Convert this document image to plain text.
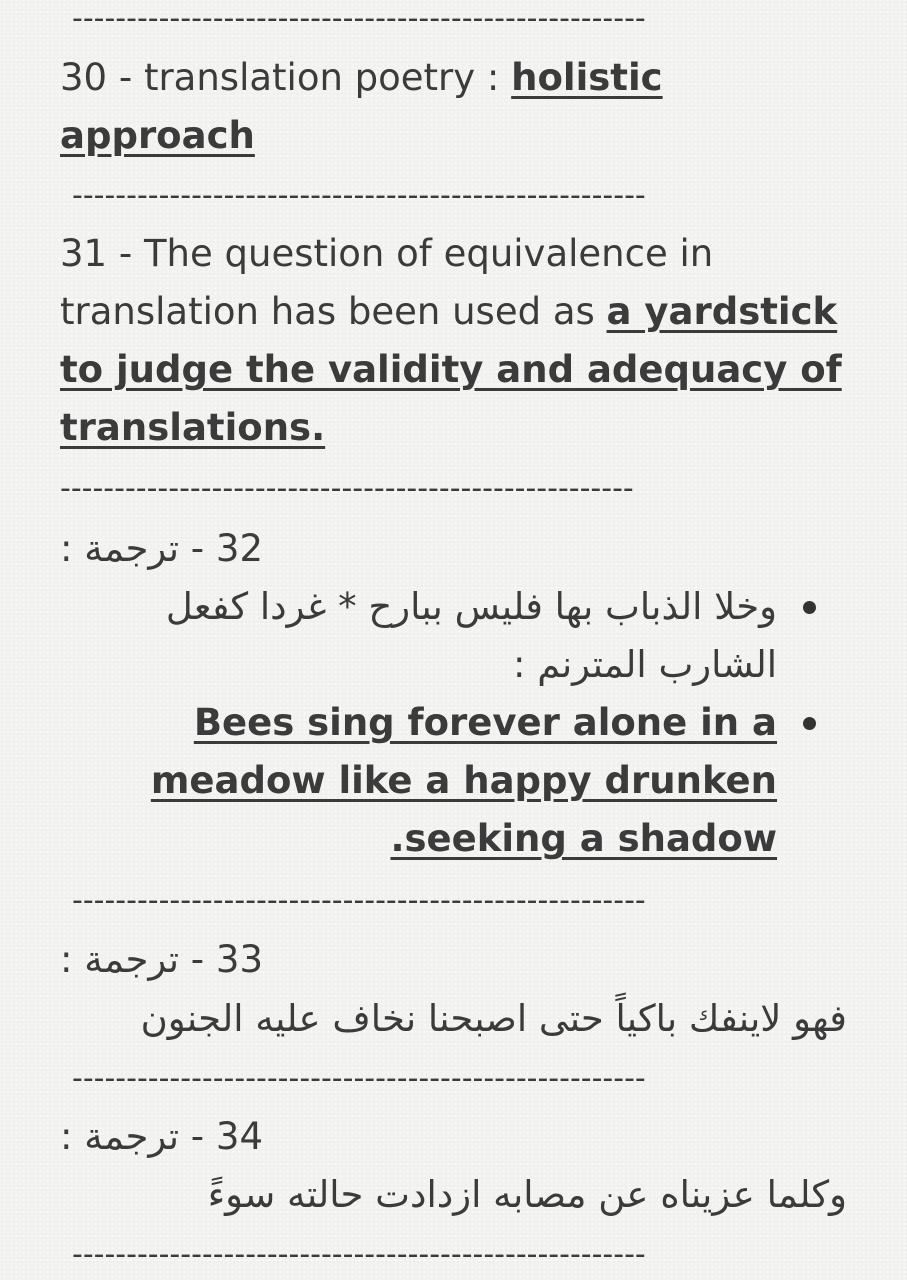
-----------------------------------------------------
30 - translation poetry : holistic
approach
-----------------------------------------------------
31 - The question of equivalence in
translation has been used as a yardstick
to judge the validity and adequacy of
translations.
-----------------------------------------------------
32 - ترجمة :
وخلا الذباب بها فليس ببارح * غردا كفعل
الشارب المترنم :
Bees sing forever alone in a
meadow like a happy drunken
.seeking a shadow
-----------------------------------------------------
33 - ترجمة :
فهو لاينفك باكياً حتى اصبحنا نخاف عليه الجنون
-----------------------------------------------------
34 - ترجمة :
وكلما عزيناه عن مصابه ازدادت حالته سوءً
-----------------------------------------------------
